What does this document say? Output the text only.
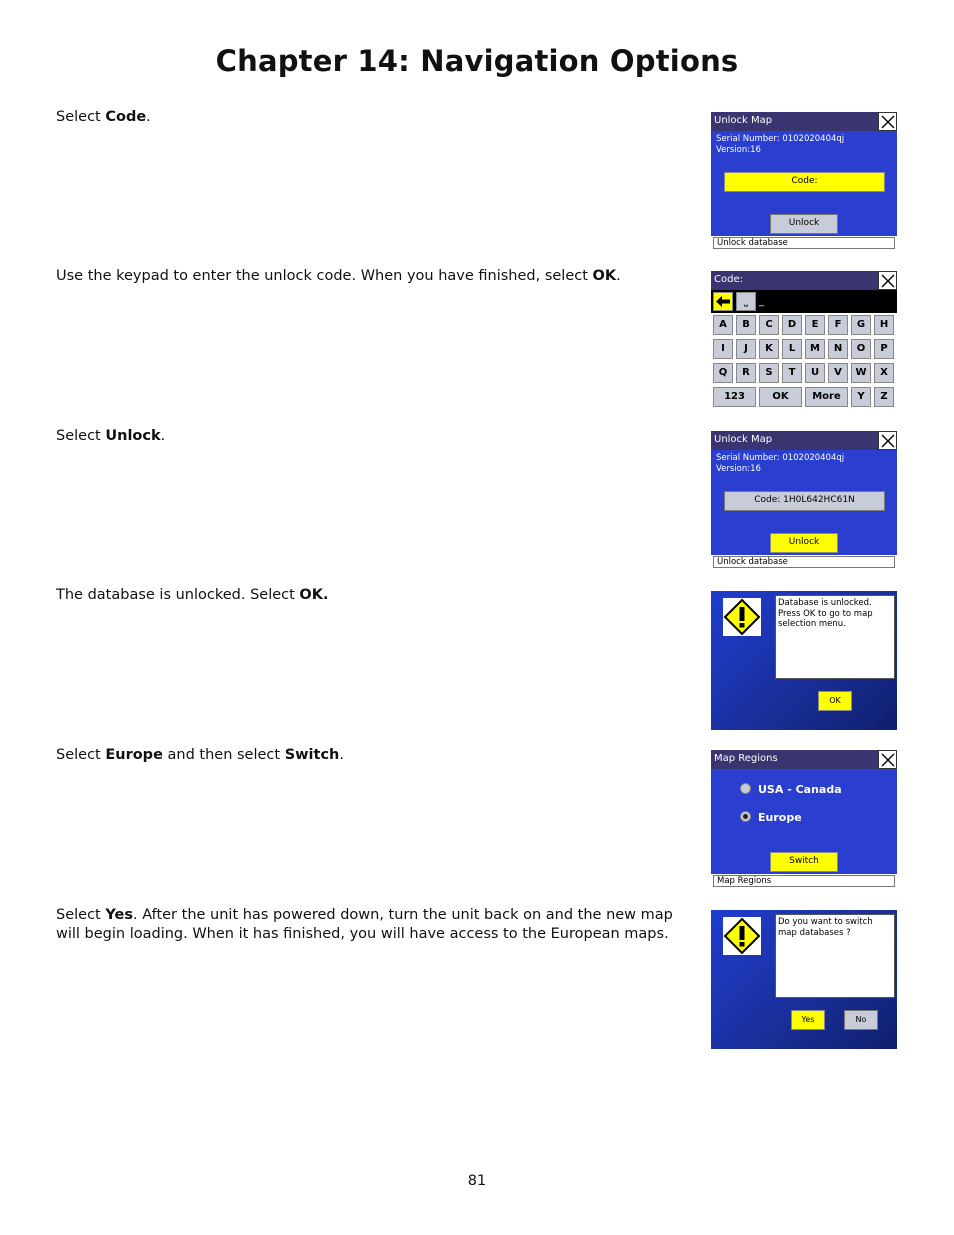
Chapter 14: Navigation Options

Select Code.

Use the keypad to enter the unlock code. When you have finished, select OK.

Select Unlock.

The database is unlocked. Select OK.

Select Europe and then select Switch.

Select Yes. After the unit has powered down, turn the unit back on and the new map will begin loading. When it has finished, you will have access to the European maps.

Unlock Map
Serial Number: 0102020404qj
Version:16
Code:
Unlock
Unlock database
Code:
⎵	_
A	B	C	D	E	F	G	H
I	J	K	L	M	N	O	P
Q	R	S	T	U	V	W	X
123	OK	More	Y	Z
Unlock Map
Serial Number: 0102020404qj
Version:16
Code: 1H0L642HC61N
Unlock
Unlock database
Database is unlocked. Press OK to go to map selection menu.
OK
Map Regions
USA - Canada
Europe
Switch
Map Regions
Do you want to switch map databases ?
Yes	No
81
